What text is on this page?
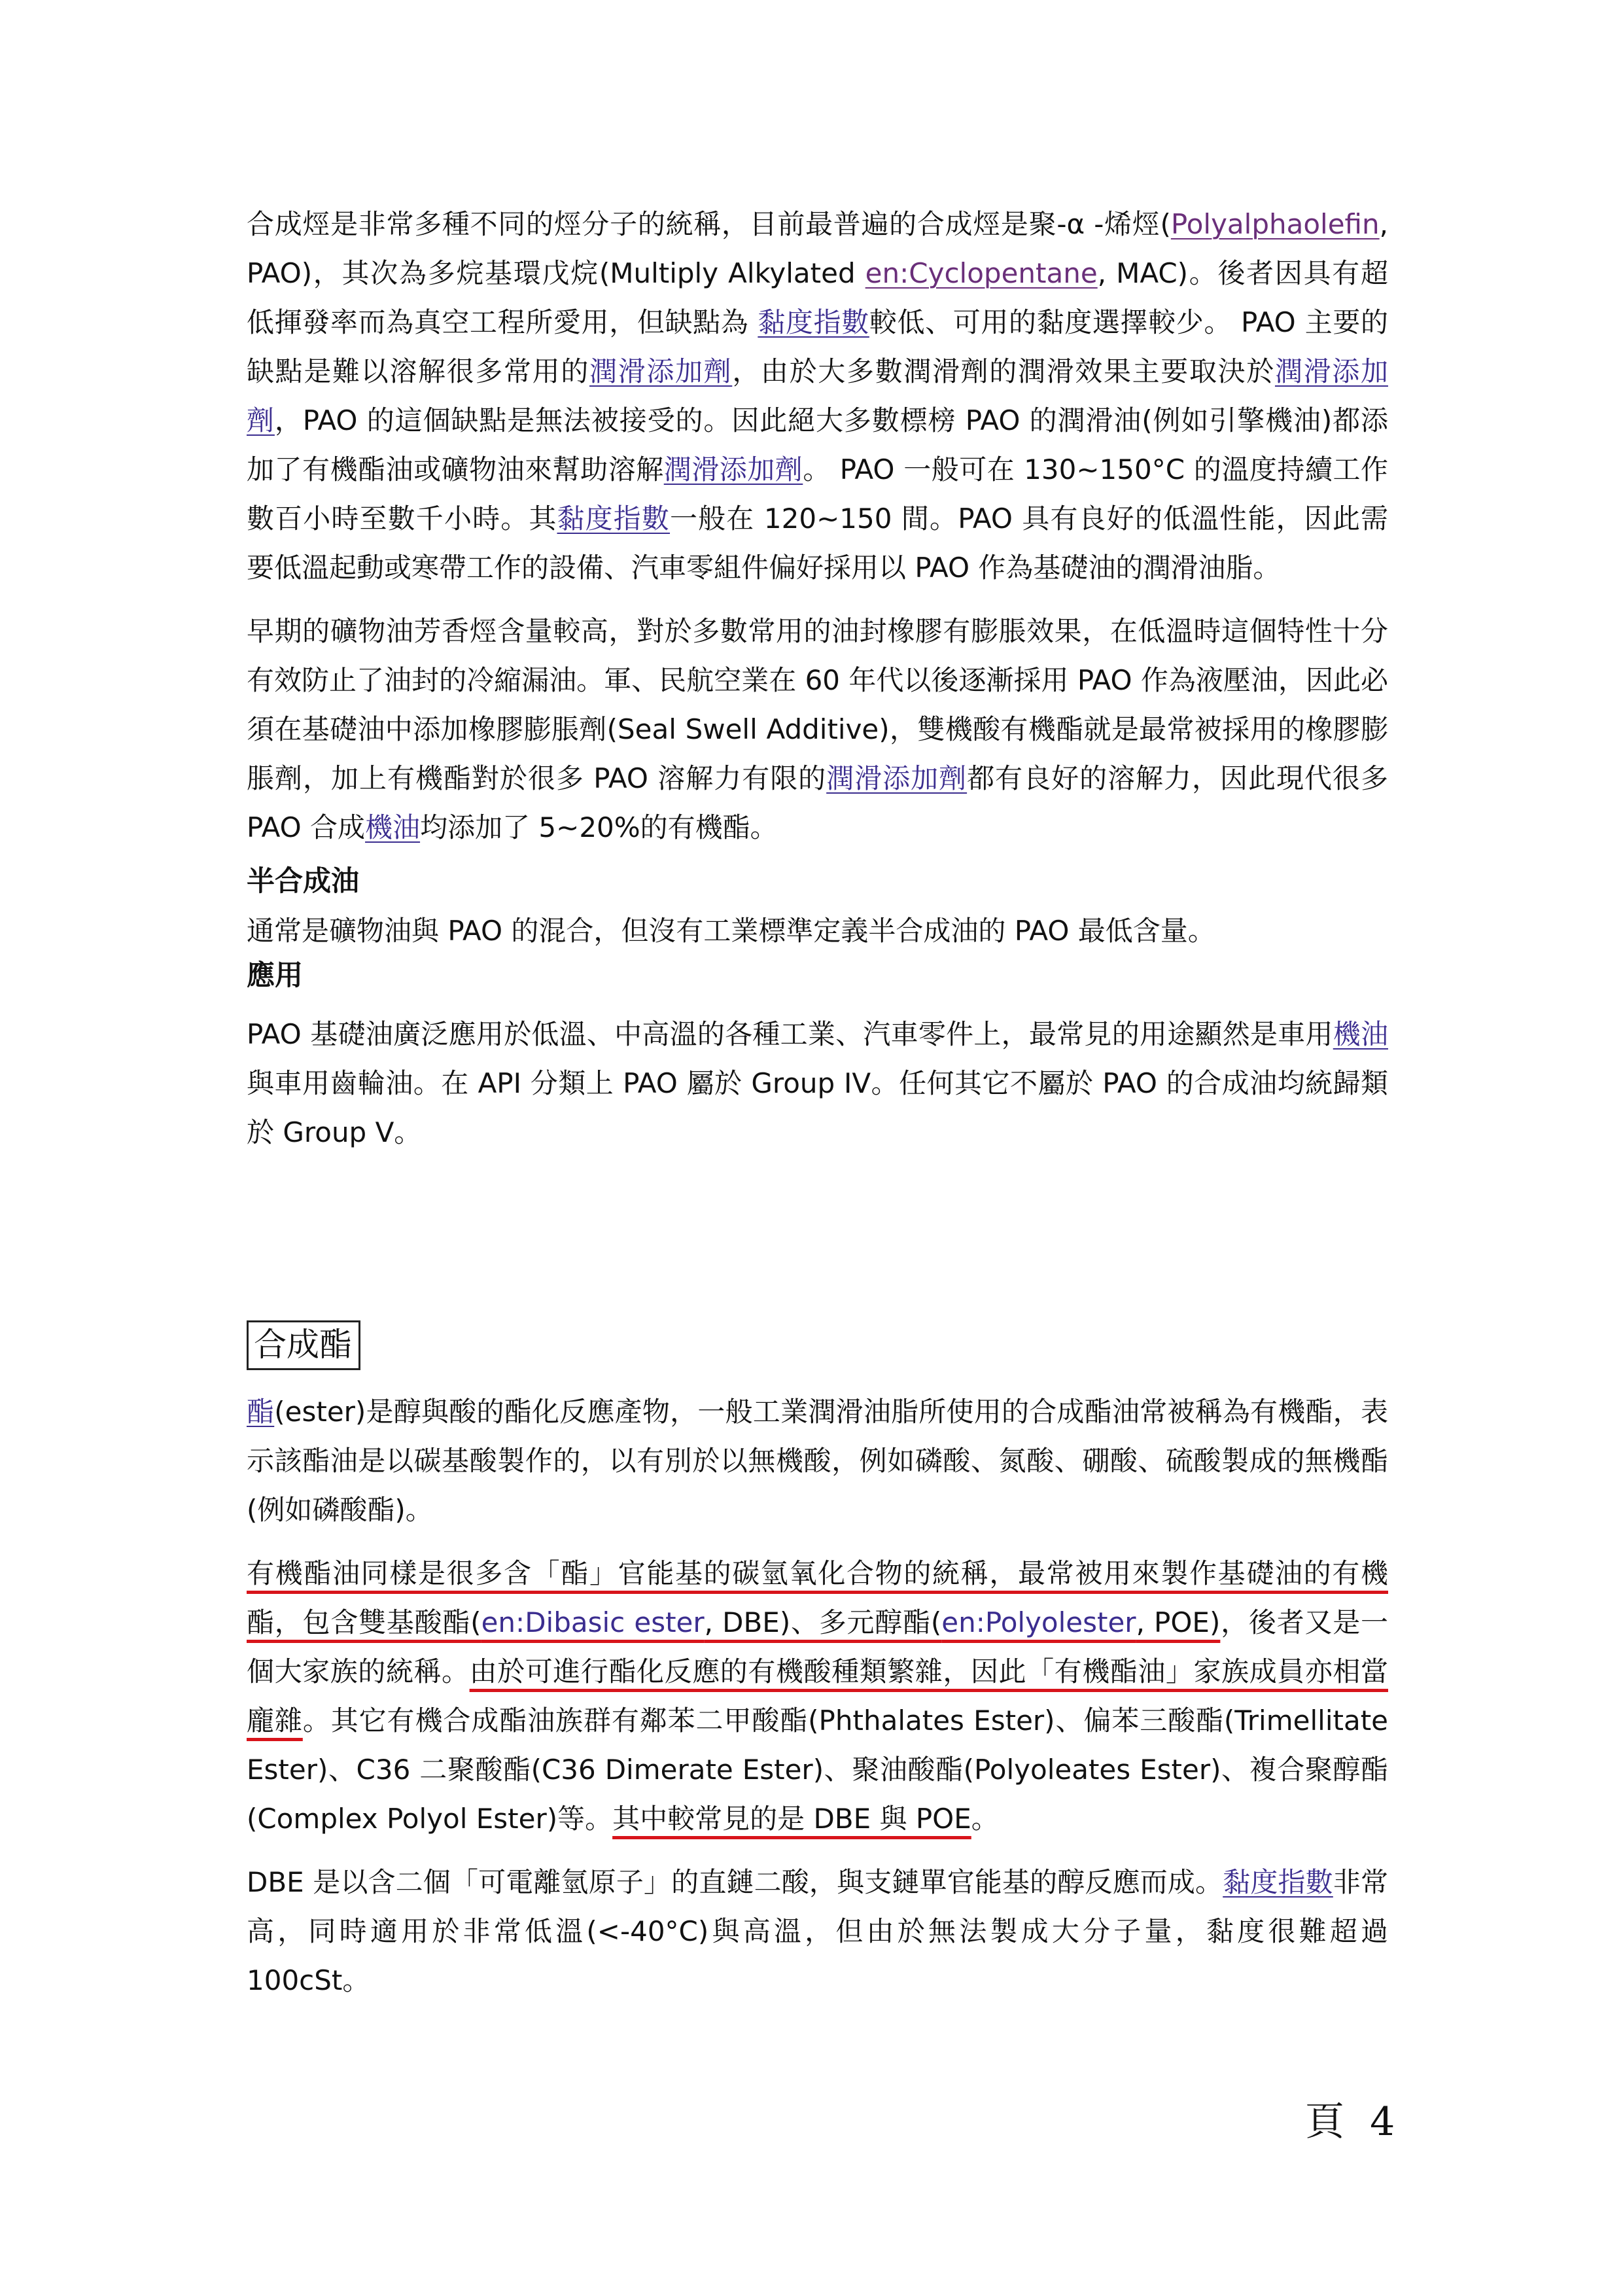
合成烴是非常多種不同的烴分子的統稱，目前最普遍的合成烴是聚-α -烯烴(Polyalphaolefin, PAO)，其次為多烷基環戊烷(Multiply Alkylated en:Cyclopentane, MAC)。後者因具有超低揮發率而為真空工程所愛用，但缺點為 黏度指數較低、可用的黏度選擇較少。 PAO 主要的缺點是難以溶解很多常用的潤滑添加劑，由於大多數潤滑劑的潤滑效果主要取決於潤滑添加劑，PAO 的這個缺點是無法被接受的。因此絕大多數標榜 PAO 的潤滑油(例如引擎機油)都添加了有機酯油或礦物油來幫助溶解潤滑添加劑。 PAO 一般可在 130~150°C 的溫度持續工作數百小時至數千小時。其黏度指數一般在 120~150 間。PAO 具有良好的低溫性能，因此需要低溫起動或寒帶工作的設備、汽車零組件偏好採用以 PAO 作為基礎油的潤滑油脂。

早期的礦物油芳香烴含量較高，對於多數常用的油封橡膠有膨脹效果，在低溫時這個特性十分有效防止了油封的冷縮漏油。軍、民航空業在 60 年代以後逐漸採用 PAO 作為液壓油，因此必須在基礎油中添加橡膠膨脹劑(Seal Swell Additive)，雙機酸有機酯就是最常被採用的橡膠膨脹劑，加上有機酯對於很多 PAO 溶解力有限的潤滑添加劑都有良好的溶解力，因此現代很多 PAO 合成機油均添加了 5~20%的有機酯。

半合成油

通常是礦物油與 PAO 的混合，但沒有工業標準定義半合成油的 PAO 最低含量。

應用

PAO 基礎油廣泛應用於低溫、中高溫的各種工業、汽車零件上，最常見的用途顯然是車用機油與車用齒輪油。在 API 分類上 PAO 屬於 Group IV。任何其它不屬於 PAO 的合成油均統歸類於 Group V。

合成酯

酯(ester)是醇與酸的酯化反應產物，一般工業潤滑油脂所使用的合成酯油常被稱為有機酯，表示該酯油是以碳基酸製作的，以有別於以無機酸，例如磷酸、氮酸、硼酸、硫酸製成的無機酯(例如磷酸酯)。

有機酯油同樣是很多含「酯」官能基的碳氫氧化合物的統稱，最常被用來製作基礎油的有機酯，包含雙基酸酯(en:Dibasic ester, DBE)、多元醇酯(en:Polyolester, POE)，後者又是一個大家族的統稱。由於可進行酯化反應的有機酸種類繁雜，因此「有機酯油」家族成員亦相當龐雜。其它有機合成酯油族群有鄰苯二甲酸酯(Phthalates Ester)、偏苯三酸酯(Trimellitate Ester)、C36 二聚酸酯(C36 Dimerate Ester)、聚油酸酯(Polyoleates Ester)、複合聚醇酯(Complex Polyol Ester)等。其中較常見的是 DBE 與 POE。

DBE 是以含二個「可電離氫原子」的直鏈二酸，與支鏈單官能基的醇反應而成。黏度指數非常高，同時適用於非常低溫(<-40°C)與高溫，但由於無法製成大分子量，黏度很難超過 100cSt。

頁 4
